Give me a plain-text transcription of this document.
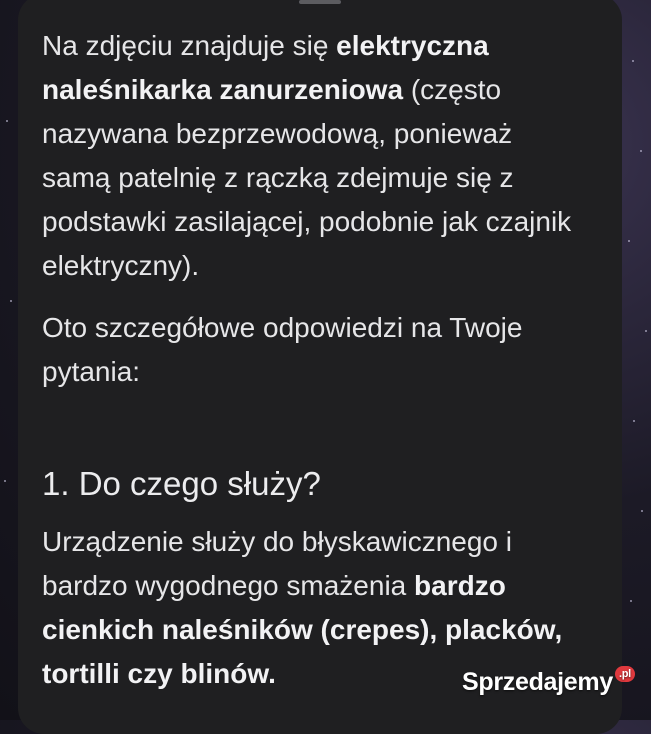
Na zdjęciu znajduje się elektryczna naleśnikarka zanurzeniowa (często nazywana bezprzewodową, ponieważ samą patelnię z rączką zdejmuje się z podstawki zasilającej, podobnie jak czajnik elektryczny).

Oto szczegółowe odpowiedzi na Twoje pytania:

1. Do czego służy?

Urządzenie służy do błyskawicznego i bardzo wygodnego smażenia bardzo cienkich naleśników (crepes), placków, tortilli czy blinów.	Sprzedajemy .pl
